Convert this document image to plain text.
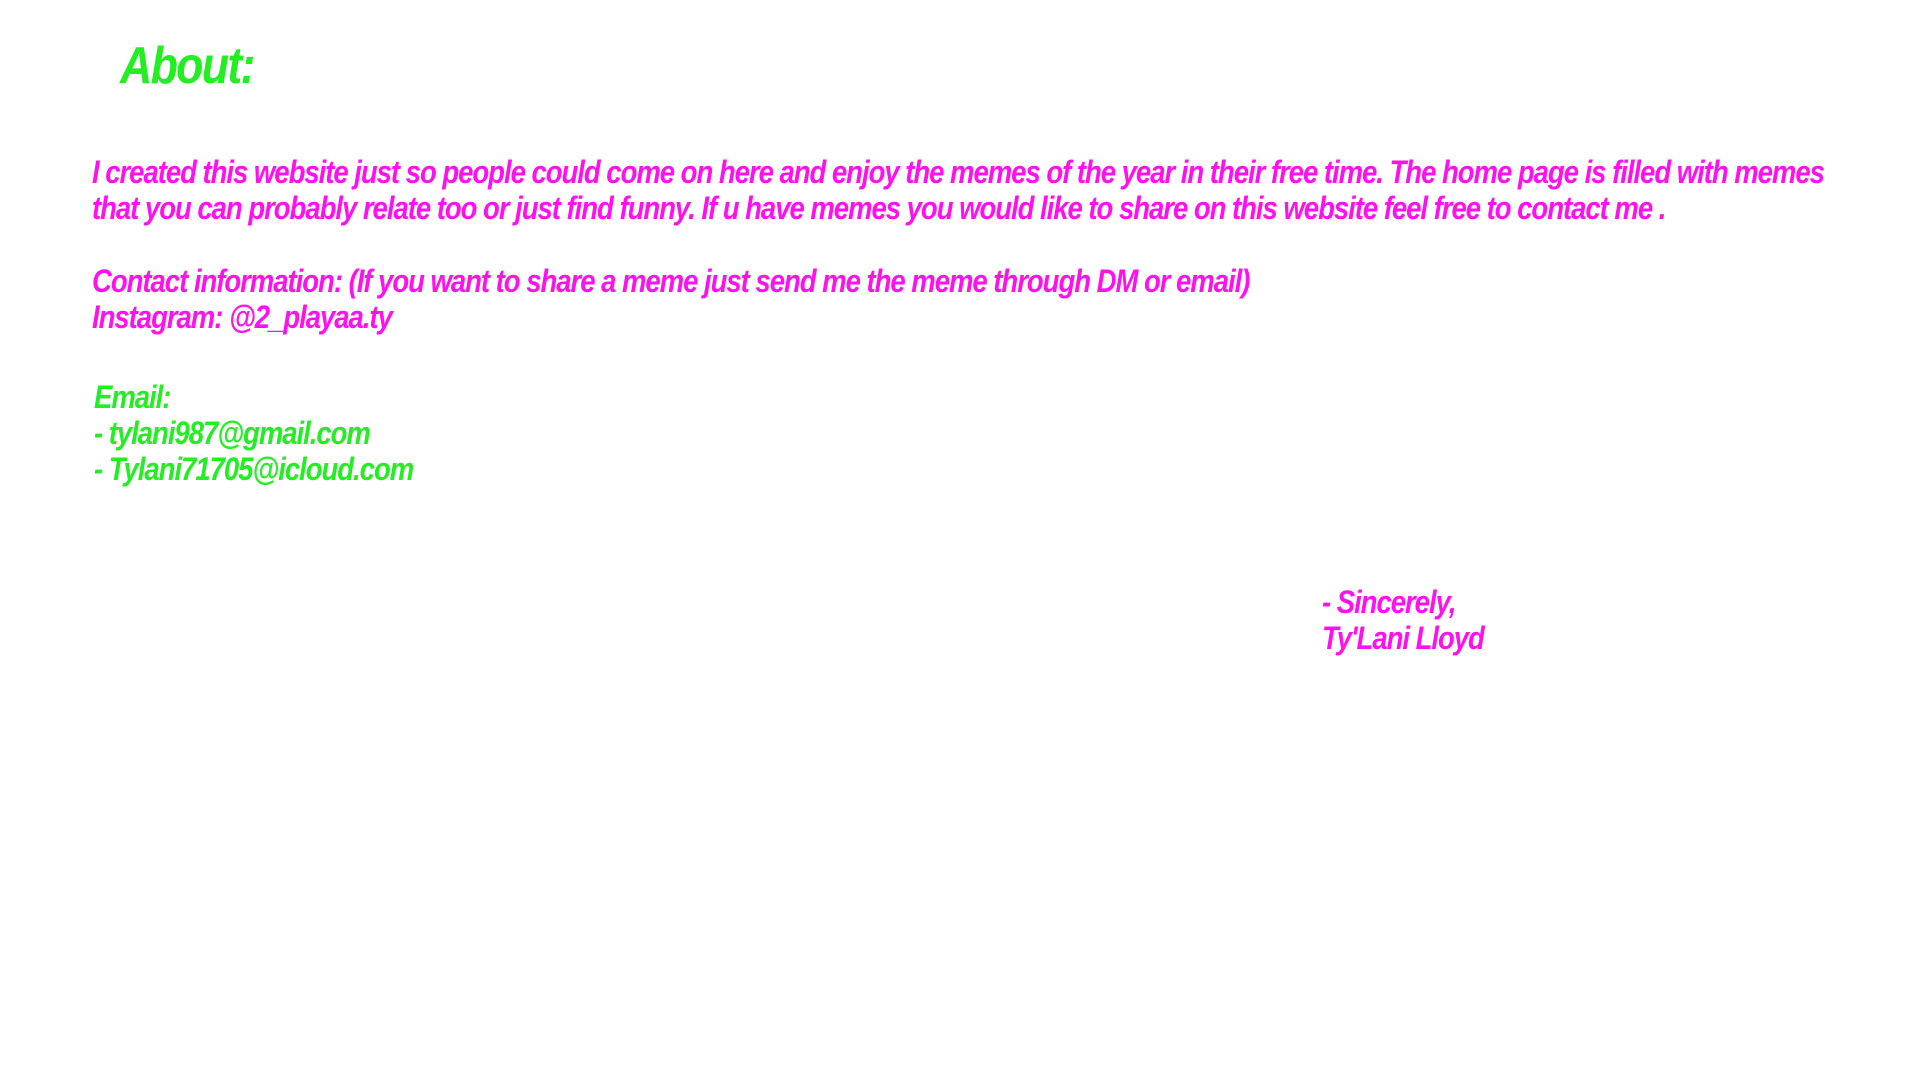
About:
I created this website just so people could come on here and enjoy the memes of the year in their free time. The home page is filled with memes
that you can probably relate too or just find funny. If u have memes you would like to share on this website feel free to contact me .
Contact information: (If you want to share a meme just send me the meme through DM or email)
Instagram: @2_playaa.ty
Email:
- tylani987@gmail.com
- Tylani71705@icloud.com
- Sincerely,
Ty'Lani Lloyd
